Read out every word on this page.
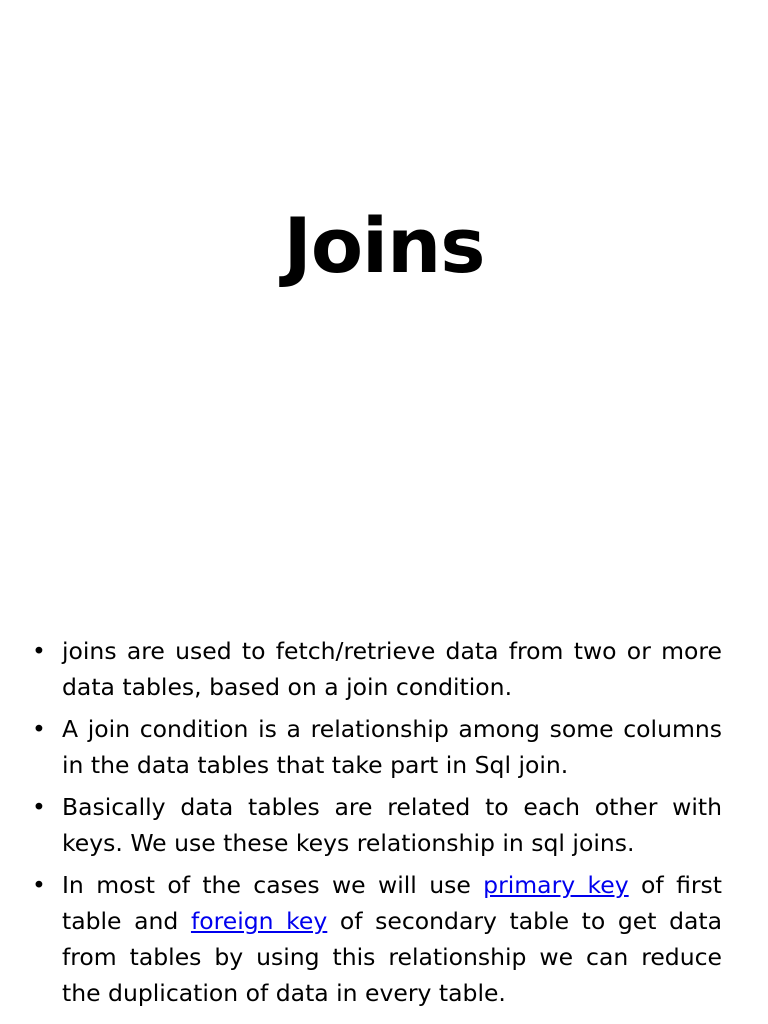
Joins
• joins are used to fetch/retrieve data from two or more data tables, based on a join condition.
• A join condition is a relationship among some columns in the data tables that take part in Sql join.
• Basically data tables are related to each other with keys. We use these keys relationship in sql joins.
• In most of the cases we will use primary key of first table and foreign key of secondary table to get data from tables by using this relationship we can reduce the duplication of data in every table.
